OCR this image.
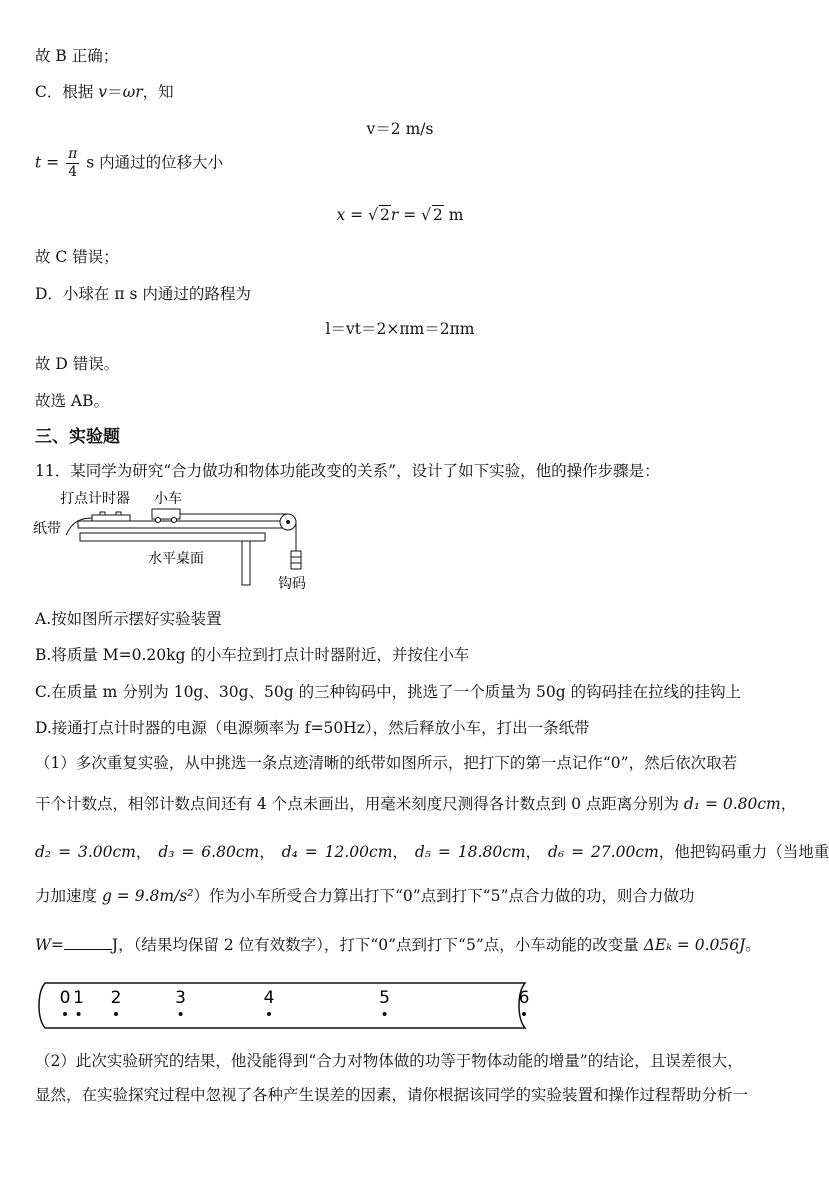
故 B 正确；
C．根据 v＝ωr，知
v＝2 m/s
$t = \frac{\pi}{4}$ s 内通过的位移大小
x = √ 2r = √ 2 m
故 C 错误；
D．小球在 π s 内通过的路程为
l＝vt＝2×πm＝2πm
故 D 错误。
故选 AB。
三、实验题
11．某同学为研究“合力做功和物体功能改变的关系”，设计了如下实验，他的操作步骤是：
打点计时器 小车
纸带
水平桌面
钩码
A.按如图所示摆好实验装置
B.将质量 M=0.20kg 的小车拉到打点计时器附近，并按住小车
C.在质量 m 分别为 10g、30g、50g 的三种钩码中，挑选了一个质量为 50g 的钩码挂在拉线的挂钩上
D.接通打点计时器的电源（电源频率为 f=50Hz），然后释放小车，打出一条纸带
（1）多次重复实验，从中挑选一条点迹清晰的纸带如图所示，把打下的第一点记作“0”，然后依次取若
干个计数点，相邻计数点间还有 4 个点未画出，用毫米刻度尺测得各计数点到 0 点距离分别为 d₁ = 0.80cm，
d₂ = 3.00cm， d₃ = 6.80cm， d₄ = 12.00cm， d₅ = 18.80cm， d₆ = 27.00cm，他把钩码重力（当地重
力加速度 g = 9.8m/s²）作为小车所受合力算出打下“0”点到打下“5”点合力做的功，则合力做功
W=	J，（结果均保留 2 位有效数字），打下“0”点到打下“5”点，小车动能的改变量 ΔEₖ = 0.056J。
0 1 2	3	4	5	6
（2）此次实验研究的结果，他没能得到“合力对物体做的功等于物体动能的增量”的结论，且误差很大，
显然，在实验探究过程中忽视了各种产生误差的因素，请你根据该同学的实验装置和操作过程帮助分析一
